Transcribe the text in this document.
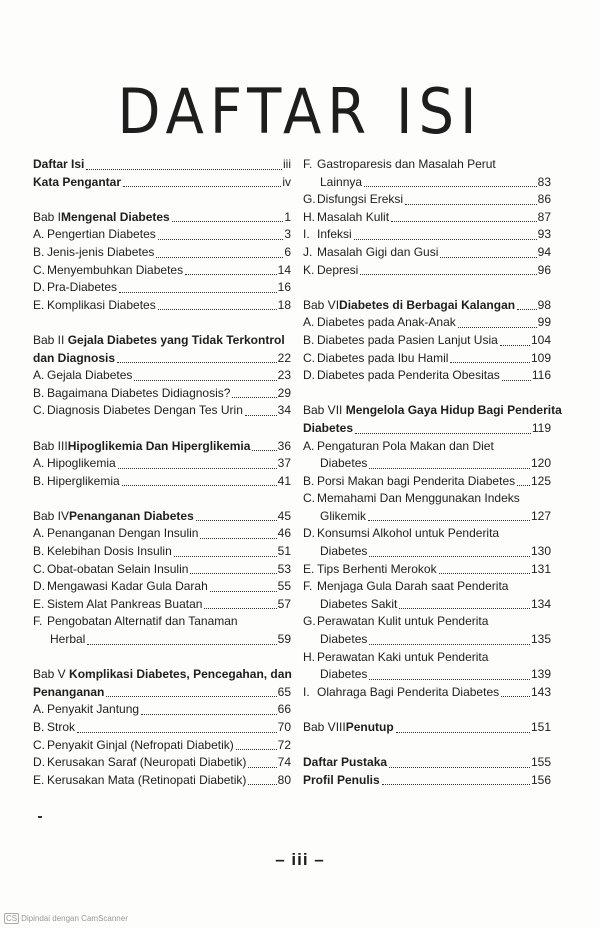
DAFTAR ISI
Daftar Isi	iii
Kata Pengantar	iv
Bab I Mengenal Diabetes	1
A. Pengertian Diabetes	3
B. Jenis-jenis Diabetes	6
C. Menyembuhkan Diabetes	14
D. Pra-Diabetes	16
E. Komplikasi Diabetes	18
Bab II Gejala Diabetes yang Tidak Terkontrol
dan Diagnosis	22
A. Gejala Diabetes	23
B. Bagaimana Diabetes Didiagnosis?	29
C. Diagnosis Diabetes Dengan Tes Urin	34
Bab III Hipoglikemia Dan Hiperglikemia 36
A. Hipoglikemia	37
B. Hiperglikemia	41
Bab IV Penanganan Diabetes	45
A. Penanganan Dengan Insulin	46
B. Kelebihan Dosis Insulin	51
C. Obat-obatan Selain Insulin	53
D. Mengawasi Kadar Gula Darah	55
E. Sistem Alat Pankreas Buatan	57
F. Pengobatan Alternatif dan Tanaman
Herbal	59
Bab V Komplikasi Diabetes, Pencegahan, dan
Penanganan	65
A. Penyakit Jantung	66
B. Strok	70
C. Penyakit Ginjal (Nefropati Diabetik)	72
D. Kerusakan Saraf (Neuropati Diabetik)	74
E. Kerusakan Mata (Retinopati Diabetik)	80
F. Gastroparesis dan Masalah Perut
Lainnya	83
G. Disfungsi Ereksi	86
H. Masalah Kulit	87
I. Infeksi	93
J. Masalah Gigi dan Gusi	94
K. Depresi	96
Bab VI Diabetes di Berbagai Kalangan 98
A. Diabetes pada Anak-Anak	99
B. Diabetes pada Pasien Lanjut Usia	104
C. Diabetes pada Ibu Hamil	109
D. Diabetes pada Penderita Obesitas	116
Bab VII Mengelola Gaya Hidup Bagi Penderita
Diabetes	119
A. Pengaturan Pola Makan dan Diet
Diabetes	120
B. Porsi Makan bagi Penderita Diabetes 125
C. Memahami Dan Menggunakan Indeks
Glikemik	127
D. Konsumsi Alkohol untuk Penderita
Diabetes	130
E. Tips Berhenti Merokok	131
F. Menjaga Gula Darah saat Penderita
Diabetes Sakit	134
G. Perawatan Kulit untuk Penderita
Diabetes	135
H. Perawatan Kaki untuk Penderita
Diabetes	139
I. Olahraga Bagi Penderita Diabetes	143
Bab VIII Penutup	151
Daftar Pustaka	155
Profil Penulis	156
– iii –
CS Dipindai dengan CamScanner
